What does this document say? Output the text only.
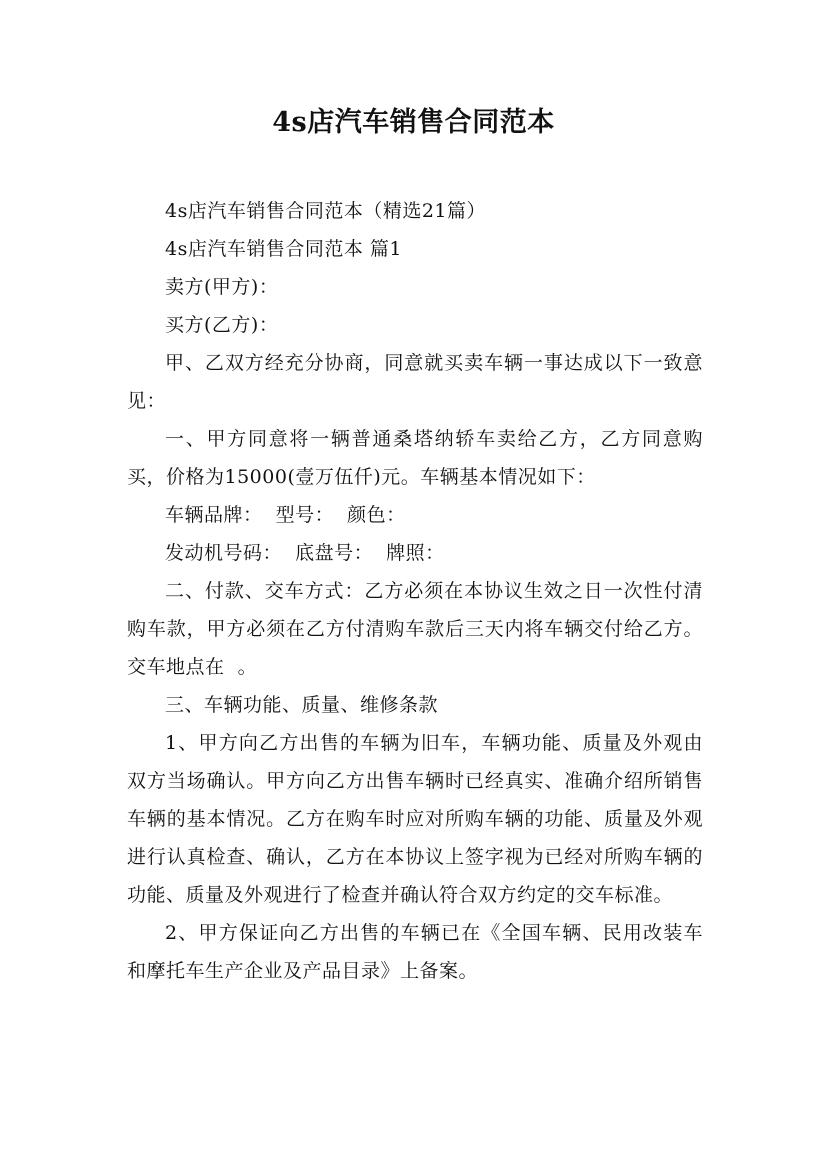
4s店汽车销售合同范本

4s店汽车销售合同范本（精选21篇）

4s店汽车销售合同范本 篇1

卖方(甲方)：

买方(乙方)：

甲、乙双方经充分协商，同意就买卖车辆一事达成以下一致意见：

一、甲方同意将一辆普通桑塔纳轿车卖给乙方，乙方同意购买，价格为15000(壹万伍仟)元。车辆基本情况如下：

车辆品牌：  型号：  颜色：

发动机号码：  底盘号：  牌照：

二、付款、交车方式：乙方必须在本协议生效之日一次性付清购车款，甲方必须在乙方付清购车款后三天内将车辆交付给乙方。交车地点在  。

三、车辆功能、质量、维修条款

1、甲方向乙方出售的车辆为旧车，车辆功能、质量及外观由双方当场确认。甲方向乙方出售车辆时已经真实、准确介绍所销售车辆的基本情况。乙方在购车时应对所购车辆的功能、质量及外观进行认真检查、确认，乙方在本协议上签字视为已经对所购车辆的功能、质量及外观进行了检查并确认符合双方约定的交车标准。

2、甲方保证向乙方出售的车辆已在《全国车辆、民用改装车和摩托车生产企业及产品目录》上备案。
